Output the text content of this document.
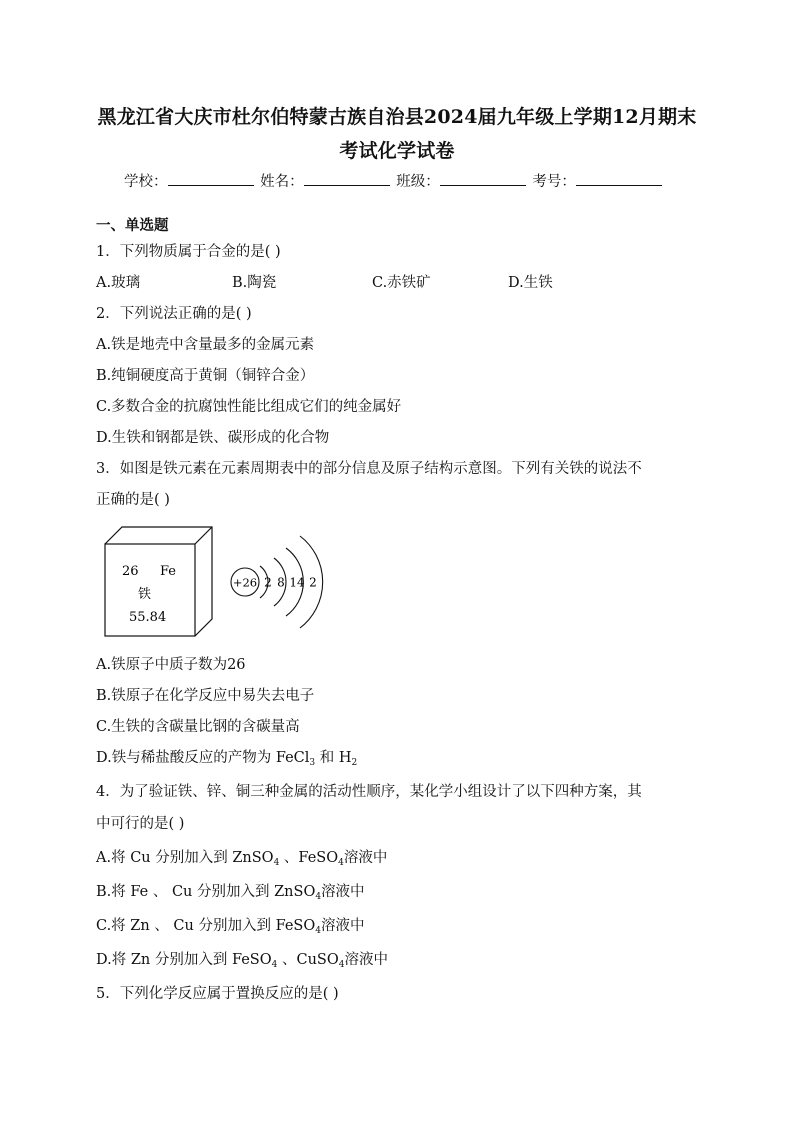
黑龙江省大庆市杜尔伯特蒙古族自治县2024届九年级上学期12月期末
考试化学试卷
学校：	姓名：	班级：	考号：
一、单选题
1．下列物质属于合金的是( )
A.玻璃	B.陶瓷	C.赤铁矿	D.生铁
2．下列说法正确的是( )
A.铁是地壳中含量最多的金属元素
B.纯铜硬度高于黄铜（铜锌合金）
C.多数合金的抗腐蚀性能比组成它们的纯金属好
D.生铁和钢都是铁、碳形成的化合物
3．如图是铁元素在元素周期表中的部分信息及原子结构示意图。下列有关铁的说法不
正确的是( )
26 Fe
铁
55.84
+26 2 8 14 2
A.铁原子中质子数为26
B.铁原子在化学反应中易失去电子
C.生铁的含碳量比钢的含碳量高
D.铁与稀盐酸反应的产物为 FeCl$_3$ 和 $H_2$
4．为了验证铁、锌、铜三种金属的活动性顺序，某化学小组设计了以下四种方案，其
中可行的是( )
A.将 Cu 分别加入到 ZnSO$_4$ 、FeSO$_4$溶液中
B.将 Fe 、 Cu 分别加入到 ZnSO$_4$溶液中
C.将 Zn 、 Cu 分别加入到 FeSO$_4$溶液中
D.将 Zn 分别加入到 FeSO$_4$ 、CuSO$_4$溶液中
5．下列化学反应属于置换反应的是( )
